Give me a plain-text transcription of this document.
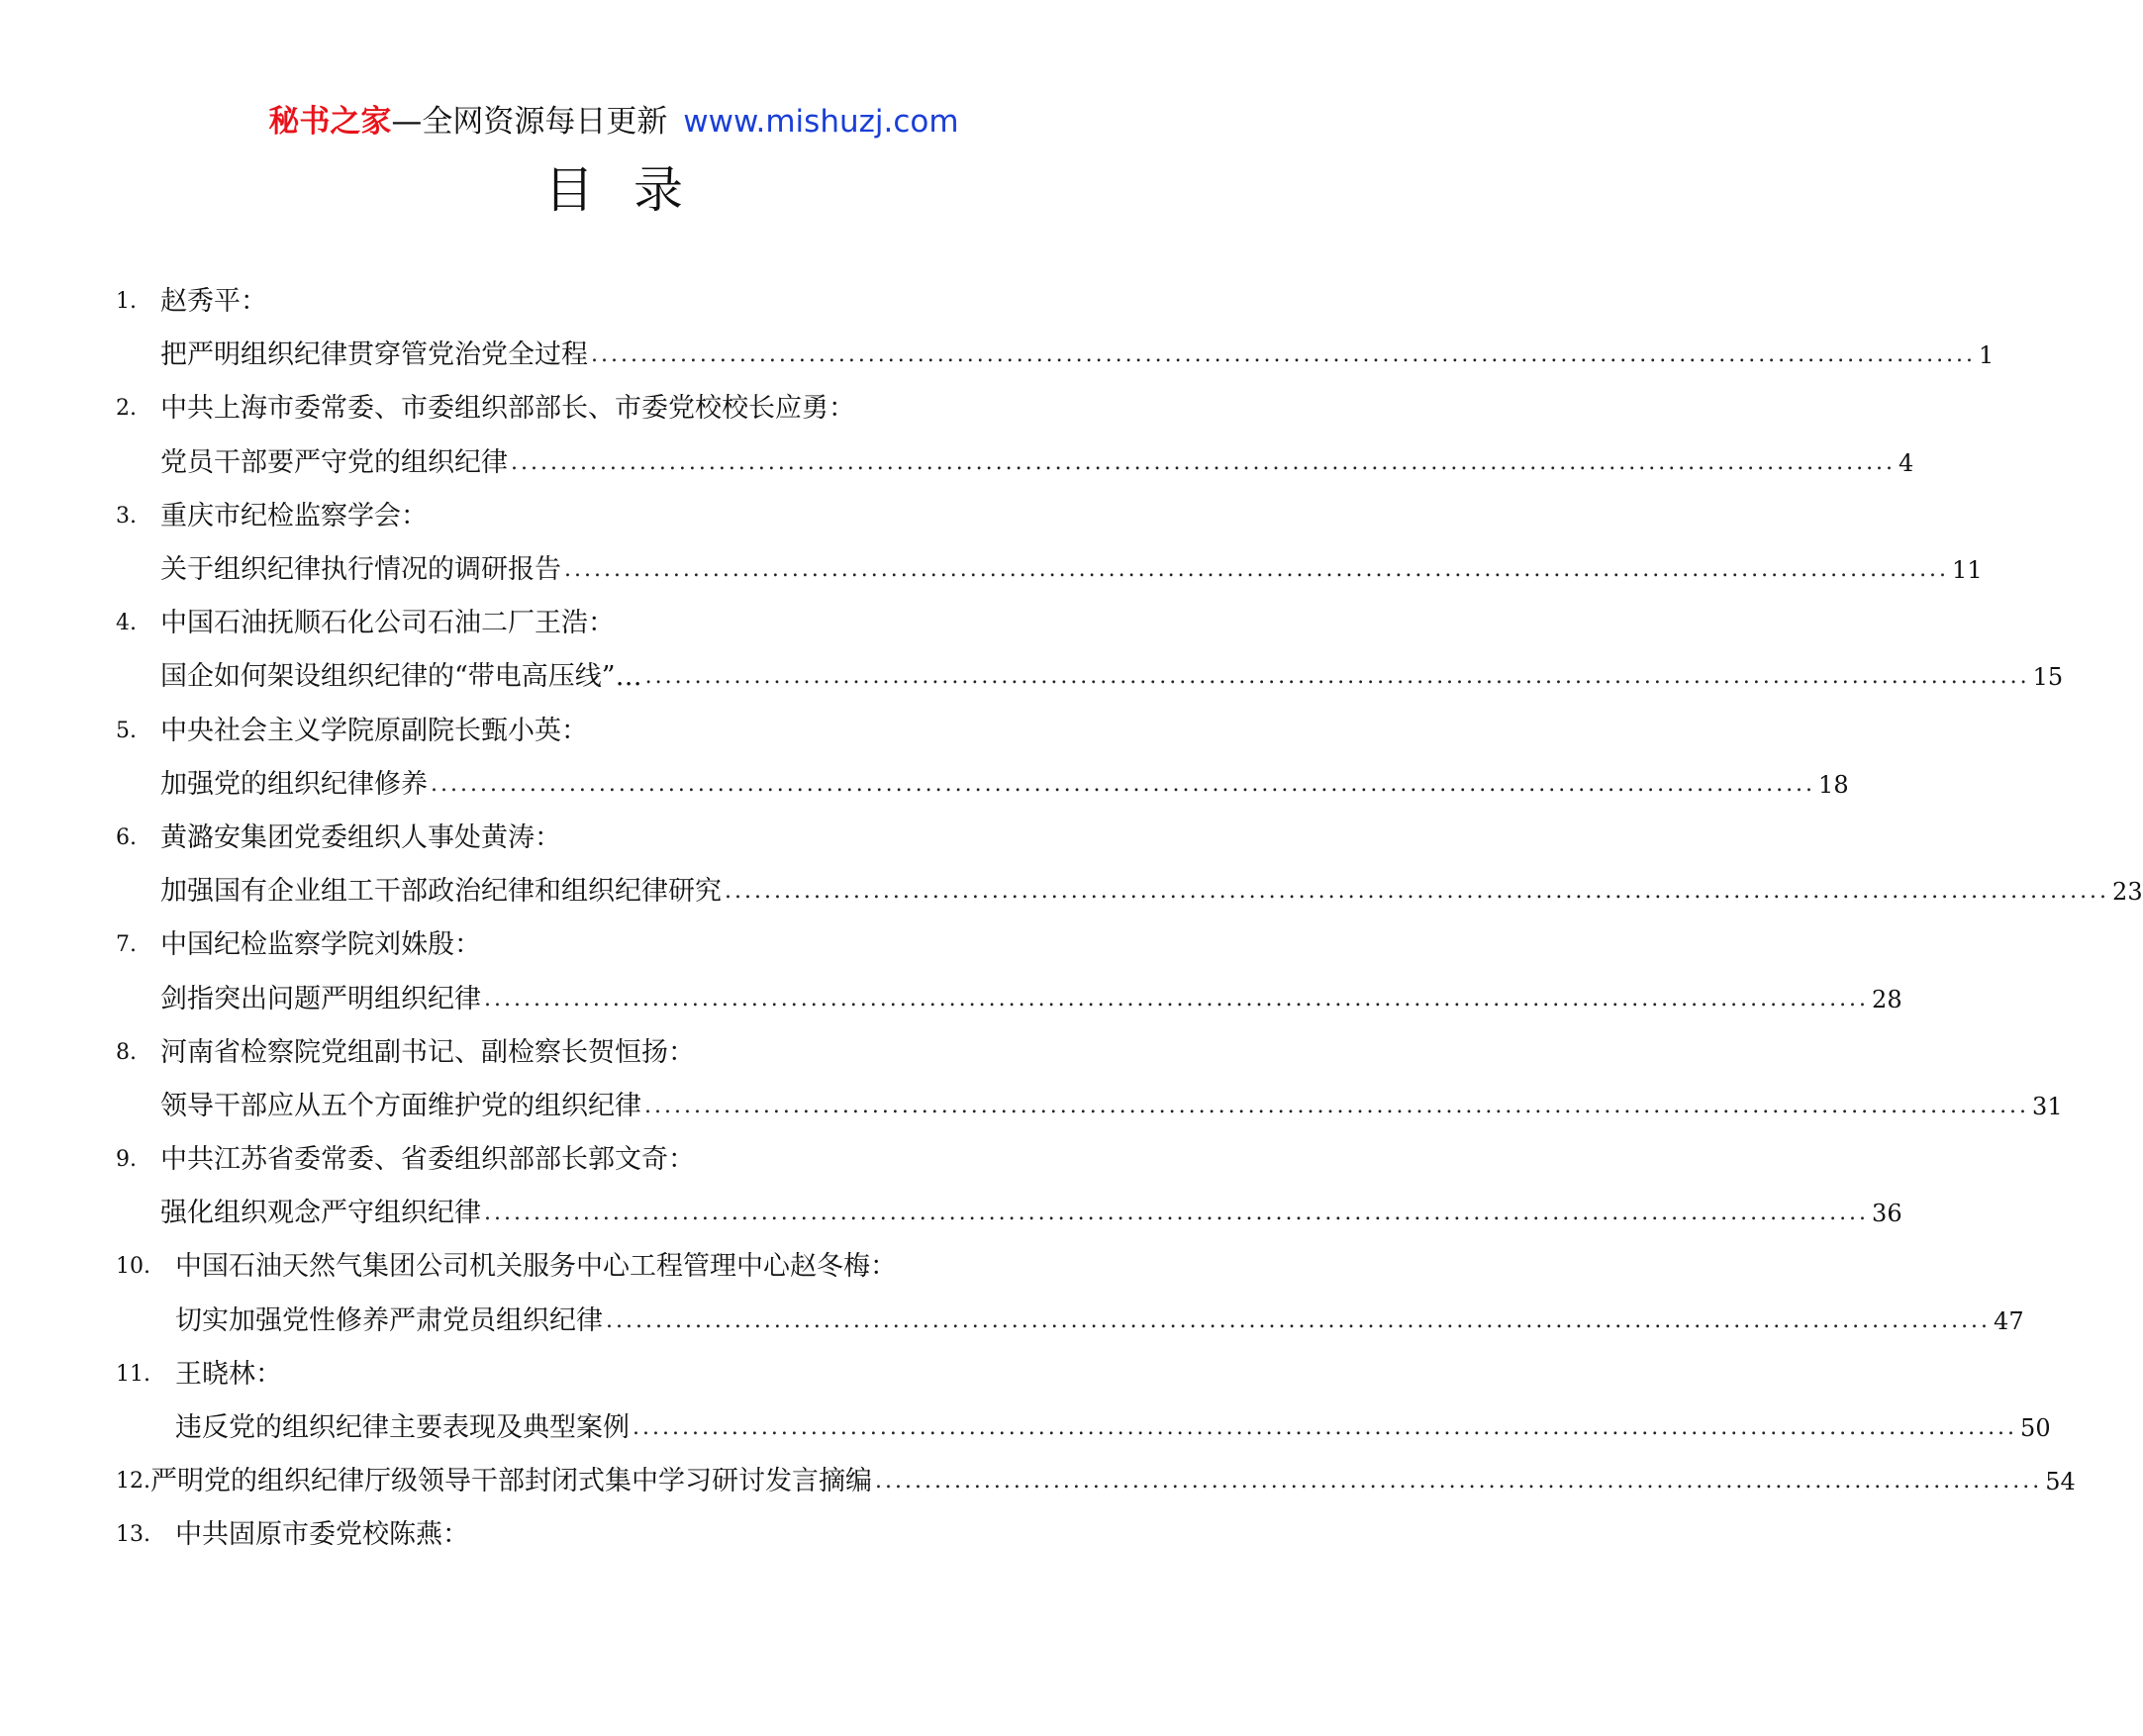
秘书之家—全网资源每日更新 www.mishuzj.com
目录
1. 赵秀平：
把严明组织纪律贯穿管党治党全过程 ............................................................................................................................................ 1
2. 中共上海市委常委、市委组织部部长、市委党校校长应勇：
党员干部要严守党的组织纪律 ............................................................................................................................................ 4
3. 重庆市纪检监察学会：
关于组织纪律执行情况的调研报告 ............................................................................................................................................ 11
4. 中国石油抚顺石化公司石油二厂王浩：
国企如何架设组织纪律的“带电高压线”… ............................................................................................................................................ 15
5. 中央社会主义学院原副院长甄小英：
加强党的组织纪律修养 ............................................................................................................................................ 18
6. 黄潞安集团党委组织人事处黄涛：
加强国有企业组工干部政治纪律和组织纪律研究 ............................................................................................................................................ 23
7. 中国纪检监察学院刘姝殷：
剑指突出问题严明组织纪律 ............................................................................................................................................ 28
8. 河南省检察院党组副书记、副检察长贺恒扬：
领导干部应从五个方面维护党的组织纪律 ............................................................................................................................................ 31
9. 中共江苏省委常委、省委组织部部长郭文奇：
强化组织观念严守组织纪律 ............................................................................................................................................ 36
10. 中国石油天然气集团公司机关服务中心工程管理中心赵冬梅：
切实加强党性修养严肃党员组织纪律 ............................................................................................................................................ 47
11. 王晓林：
违反党的组织纪律主要表现及典型案例 ............................................................................................................................................ 50
12. 严明党的组织纪律厅级领导干部封闭式集中学习研讨发言摘编 ...................................................................................................................... 54
13. 中共固原市委党校陈燕：
